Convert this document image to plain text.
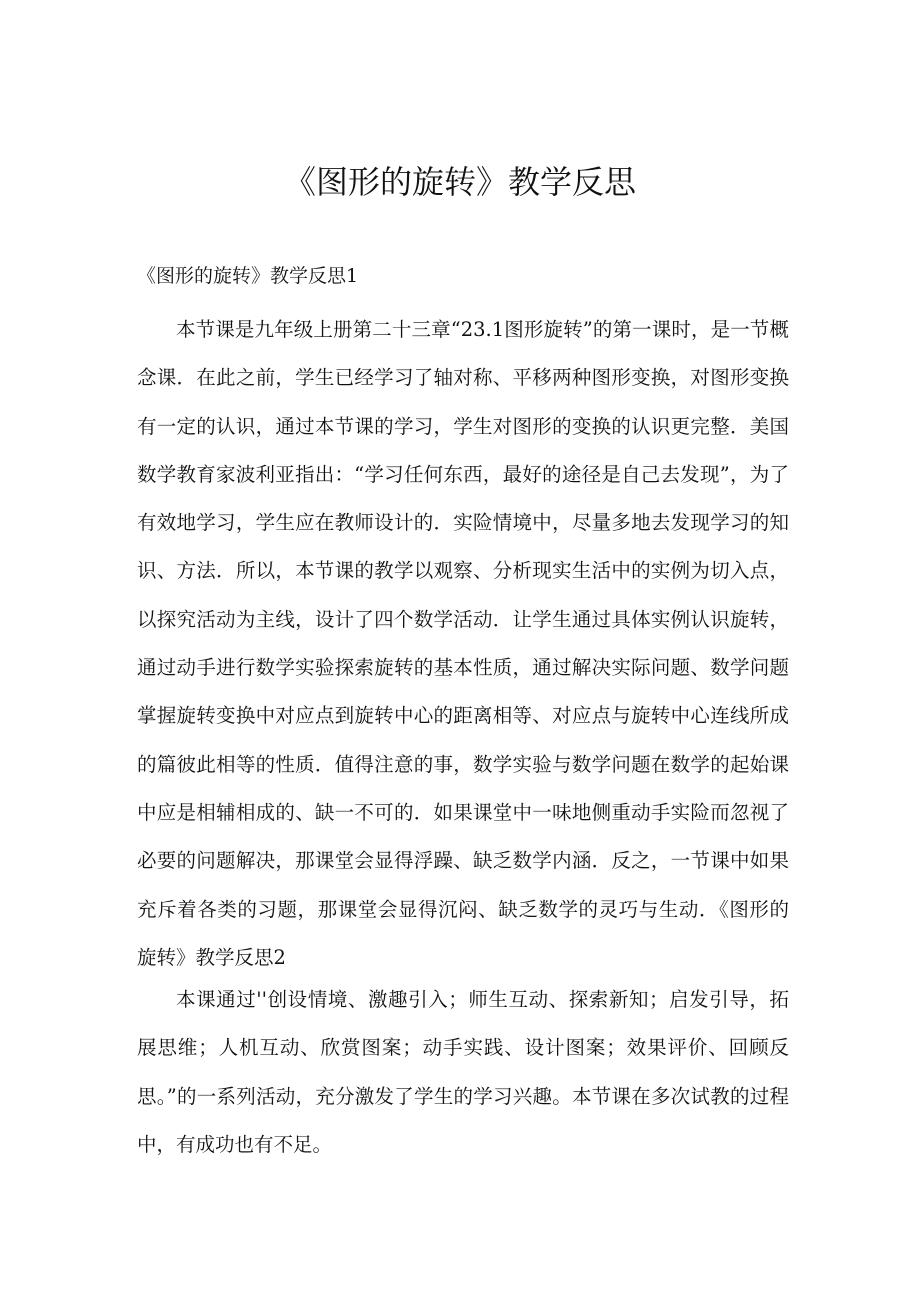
《图形的旋转》教学反思
《图形的旋转》教学反思1

本节课是九年级上册第二十三章“23.1图形旋转”的第一课时，是一节概念课．在此之前，学生已经学习了轴对称、平移两种图形变换，对图形变换有一定的认识，通过本节课的学习，学生对图形的变换的认识更完整．美国数学教育家波利亚指出：“学习任何东西，最好的途径是自己去发现”，为了有效地学习，学生应在教师设计的．实险情境中，尽量多地去发现学习的知识、方法．所以，本节课的教学以观察、分析现实生活中的实例为切入点，以探究活动为主线，设计了四个数学活动．让学生通过具体实例认识旋转，通过动手进行数学实验探索旋转的基本性质，通过解决实际问题、数学问题掌握旋转变换中对应点到旋转中心的距离相等、对应点与旋转中心连线所成的篇彼此相等的性质．值得注意的事，数学实验与数学问题在数学的起始课中应是相辅相成的、缺一不可的．如果课堂中一味地侧重动手实险而忽视了必要的问题解决，那课堂会显得浮躁、缺乏数学内涵．反之，一节课中如果充斥着各类的习题，那课堂会显得沉闷、缺乏数学的灵巧与生动．《图形的旋转》教学反思2

本课通过''创设情境、激趣引入；师生互动、探索新知；启发引导，拓展思维；人机互动、欣赏图案；动手实践、设计图案；效果评价、回顾反思。”的一系列活动，充分激发了学生的学习兴趣。本节课在多次试教的过程中，有成功也有不足。
